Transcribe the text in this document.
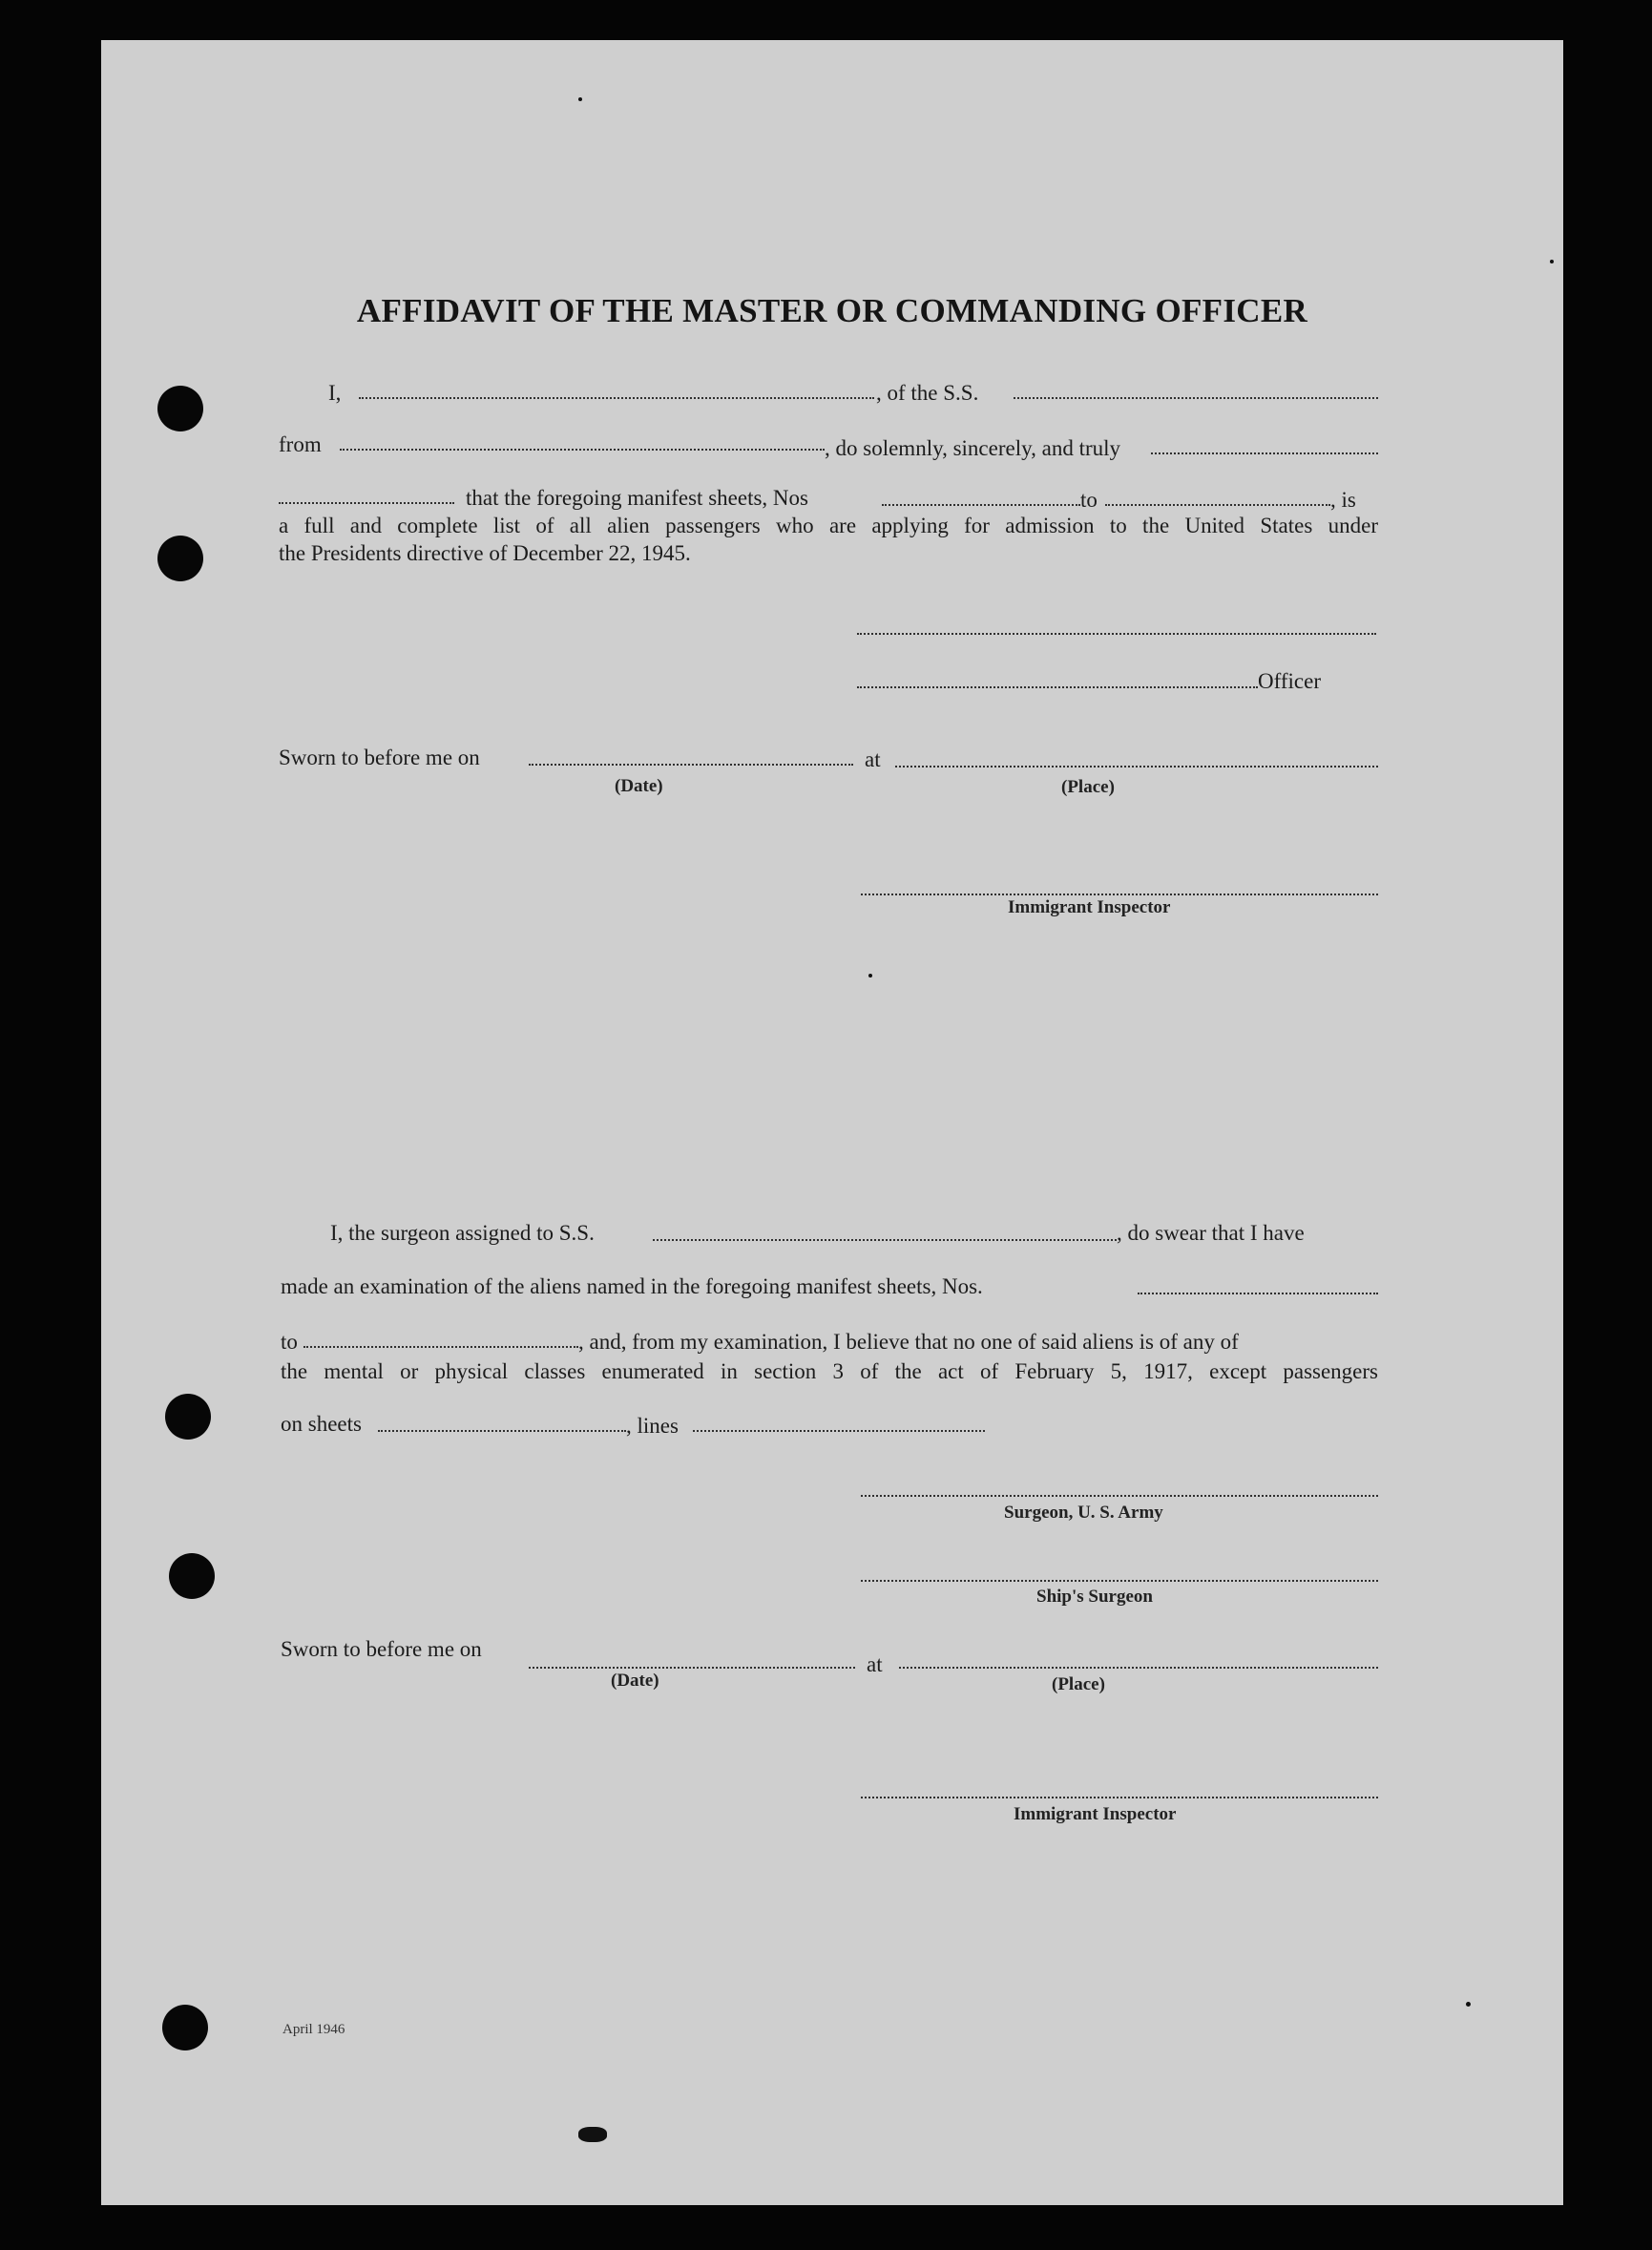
AFFIDAVIT OF THE MASTER OR COMMANDING OFFICER
I,	, of the S.S.
from	, do solemnly, sincerely, and truly
that the foregoing manifest sheets, Nos	to	, is
a full and complete list of all alien passengers who are applying for admission to the United States under
the Presidents directive of December 22, 1945.
Officer
Sworn to before me on	at
(Date)	(Place)
Immigrant Inspector
I, the surgeon assigned to S.S.	, do swear that I have
made an examination of the aliens named in the foregoing manifest sheets, Nos.
to	, and, from my examination, I believe that no one of said aliens is of any of
the mental or physical classes enumerated in section 3 of the act of February 5, 1917, except passengers
on sheets	, lines
Surgeon, U. S. Army
Ship's Surgeon
Sworn to before me on
at
(Date)	(Place)
Immigrant Inspector
April 1946
